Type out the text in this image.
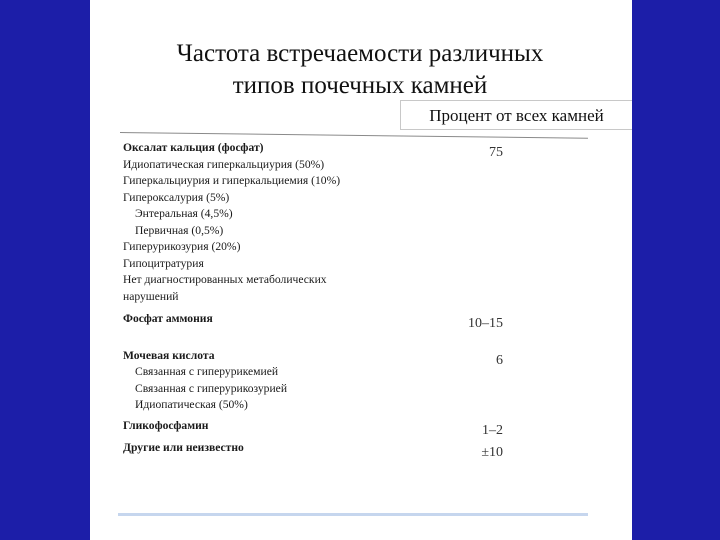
Частота встречаемости различных
типов почечных камней
Процент от всех камней
75
Оксалат кальция (фосфат)
Идиопатическая гиперкальциурия (50%)
Гиперкальциурия и гиперкальциемия (10%)
Гипероксалурия (5%)
Энтеральная (4,5%)
Первичная (0,5%)
Гиперурикозурия (20%)
Гипоцитратурия
Нет диагностированных метаболических нарушений
10–15
Фосфат аммония
6
Мочевая кислота
Связанная с гиперурикемией
Связанная с гиперурикозурией
Идиопатическая (50%)
1–2
Гликофосфамин
±10
Другие или неизвестно
